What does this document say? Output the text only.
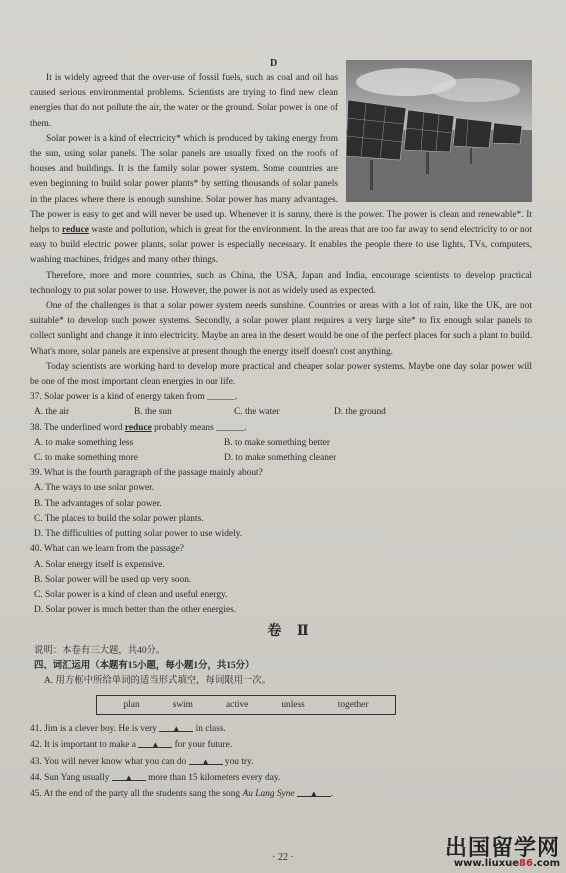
D

It is widely agreed that the over-use of fossil fuels, such as coal and oil has caused serious environmental problems. Scientists are trying to find new clean energies that do not pollute the air, the water or the ground. Solar power is one of them.

Solar power is a kind of electricity* which is produced by taking energy from the sun, using solar panels. The solar panels are usually fixed on the roofs of houses and buildings. It is the family solar power system. Some countries are even beginning to build solar power plants* by setting thousands of solar panels in the places where there is enough sunshine. Solar power has many advantages. The power is easy to get and will never be used up. Whenever it is sunny, there is the power. The power is clean and renewable*. It helps to reduce waste and pollution, which is great for the environment. In the areas that are too far away to send electricity to or not easy to build electric power plants, solar power is especially necessary. It enables the people there to use lights, TVs, computers, washing machines, fridges and many other things.

Therefore, more and more countries, such as China, the USA, Japan and India, encourage scientists to develop practical technology to put solar power to use. However, the power is not as widely used as expected.

One of the challenges is that a solar power system needs sunshine. Countries or areas with a lot of rain, like the UK, are not suitable* to develop such power systems. Secondly, a solar power plant requires a very large site* to fix enough solar panels to collect sunlight and change it into electricity. Maybe an area in the desert would be one of the perfect places for such a plant to build. What's more, solar panels are expensive at present though the energy itself doesn't cost anything.

Today scientists are working hard to develop more practical and cheaper solar power systems. Maybe one day solar power will be one of the most important clean energies in our life.

37. Solar power is a kind of energy taken from ______.

A. the air	B. the sun	C. the water	D. the ground

38. The underlined word reduce probably means ______.

A. to make something less	B. to make something better
C. to make something more	D. to make something cleaner

39. What is the fourth paragraph of the passage mainly about?

A. The ways to use solar power.
B. The advantages of solar power.
C. The places to build the solar power plants.
D. The difficulties of putting solar power to use widely.

40. What can we learn from the passage?

A. Solar energy itself is expensive.
B. Solar power will be used up very soon.
C. Solar power is a kind of clean and useful energy.
D. Solar power is much better than the other energies.
卷 Ⅱ

说明：本卷有三大题，共40分。

四、词汇运用（本题有15小题，每小题1分，共15分）

A. 用方框中所给单词的适当形式填空，每词限用一次。

plan	swim	active	unless	together

41. Jim is a clever boy. He is very ▲ in class.

42. It is important to make a ▲ for your future.

43. You will never know what you can do ▲ you try.

44. Sun Yang usually ▲ more than 15 kilometers every day.

45. At the end of the party all the students sang the song Au Lang Syne ▲ .

· 22 ·	出国留学网
www.liuxue86.com
